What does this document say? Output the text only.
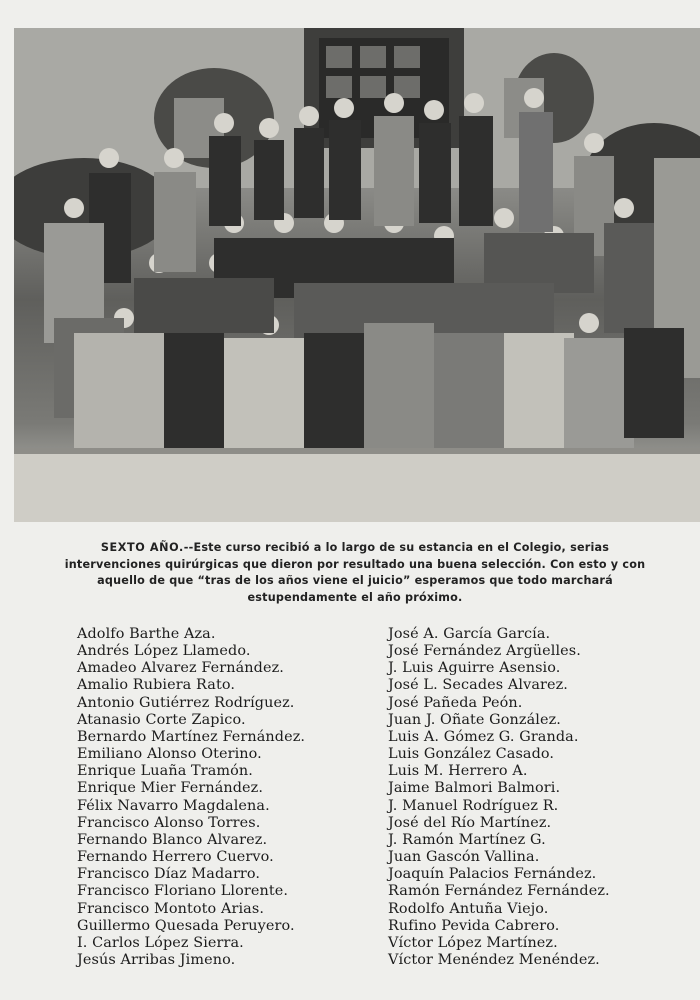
SEXTO AÑO.--Este curso recibió a lo largo de su estancia en el Colegio, serias intervenciones quirúrgicas que dieron por resultado una buena selección. Con esto y con aquello de que “tras de los años viene el juicio” esperamos que todo marchará estupendamente el año próximo.
Adolfo Barthe Aza.
Andrés López Llamedo.
Amadeo Alvarez Fernández.
Amalio Rubiera Rato.
Antonio Gutiérrez Rodríguez.
Atanasio Corte Zapico.
Bernardo Martínez Fernández.
Emiliano Alonso Oterino.
Enrique Luaña Tramón.
Enrique Mier Fernández.
Félix Navarro Magdalena.
Francisco Alonso Torres.
Fernando Blanco Alvarez.
Fernando Herrero Cuervo.
Francisco Díaz Madarro.
Francisco Floriano Llorente.
Francisco Montoto Arias.
Guillermo Quesada Peruyero.
I. Carlos López Sierra.
Jesús Arribas Jimeno.
José A. García García.
José Fernández Argüelles.
J. Luis Aguirre Asensio.
José L. Secades Alvarez.
José Pañeda Peón.
Juan J. Oñate González.
Luis A. Gómez G. Granda.
Luis González Casado.
Luis M. Herrero A.
Jaime Balmori Balmori.
J. Manuel Rodríguez R.
José del Río Martínez.
J. Ramón Martínez G.
Juan Gascón Vallina.
Joaquín Palacios Fernández.
Ramón Fernández Fernández.
Rodolfo Antuña Viejo.
Rufino Pevida Cabrero.
Víctor López Martínez.
Víctor Menéndez Menéndez.
